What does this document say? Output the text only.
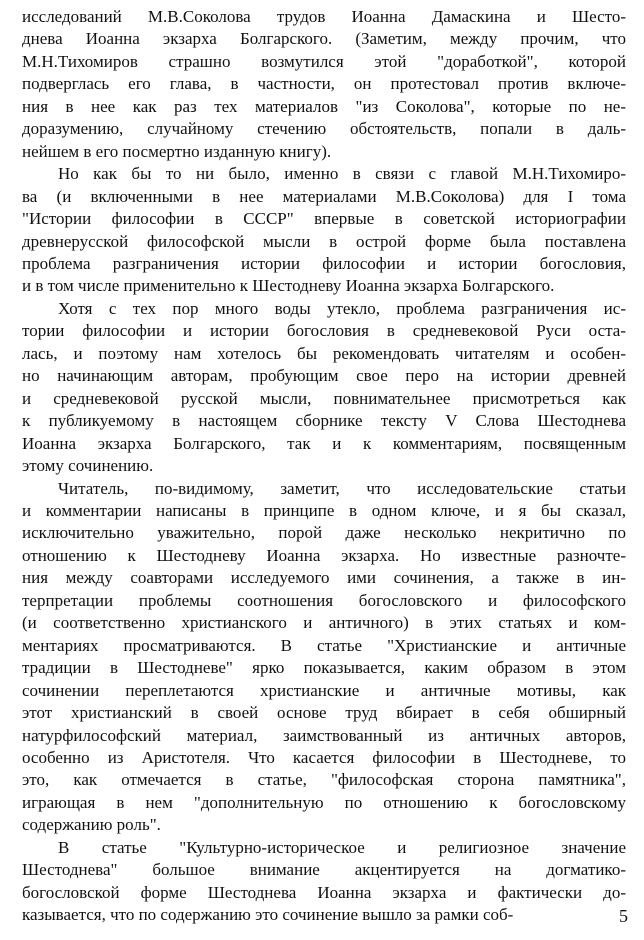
исследований М.В.Соколова трудов Иоанна Дамаскина и Шесто-
днева Иоанна экзарха Болгарского. (Заметим, между прочим, что
М.Н.Тихомиров страшно возмутился этой "доработкой", которой
подверглась его глава, в частности, он протестовал против включе-
ния в нее как раз тех материалов "из Соколова", которые по не-
доразумению, случайному стечению обстоятельств, попали в даль-
нейшем в его посмертно изданную книгу).

Но как бы то ни было, именно в связи с главой М.Н.Тихомиро-
ва (и включенными в нее материалами М.В.Соколова) для I тома
"Истории философии в СССР" впервые в советской историографии
древнерусской философской мысли в острой форме была поставлена
проблема разграничения истории философии и истории богословия,
и в том числе применительно к Шестодневу Иоанна экзарха Болгарского.

Хотя с тех пор много воды утекло, проблема разграничения ис-
тории философии и истории богословия в средневековой Руси оста-
лась, и поэтому нам хотелось бы рекомендовать читателям и особен-
но начинающим авторам, пробующим свое перо на истории древней
и средневековой русской мысли, повнимательнее присмотреться как
к публикуемому в настоящем сборнике тексту V Слова Шестоднева
Иоанна экзарха Болгарского, так и к комментариям, посвященным
этому сочинению.

Читатель, по-видимому, заметит, что исследовательские статьи
и комментарии написаны в принципе в одном ключе, и я бы сказал,
исключительно уважительно, порой даже несколько некритично по
отношению к Шестодневу Иоанна экзарха. Но известные разночте-
ния между соавторами исследуемого ими сочинения, а также в ин-
терпретации проблемы соотношения богословского и философского
(и соответственно христианского и античного) в этих статьях и ком-
ментариях просматриваются. В статье "Христианские и античные
традиции в Шестодневе" ярко показывается, каким образом в этом
сочинении переплетаются христианские и античные мотивы, как
этот христианский в своей основе труд вбирает в себя обширный
натурфилософский материал, заимствованный из античных авторов,
особенно из Аристотеля. Что касается философии в Шестодневе, то
это, как отмечается в статье, "философская сторона памятника",
играющая в нем "дополнительную по отношению к богословскому
содержанию роль".

В статье "Культурно-историческое и религиозное значение
Шестоднева" большое внимание акцентируется на догматико-
богословской форме Шестоднева Иоанна экзарха и фактически до-
казывается, что по содержанию это сочинение вышло за рамки соб-	5
